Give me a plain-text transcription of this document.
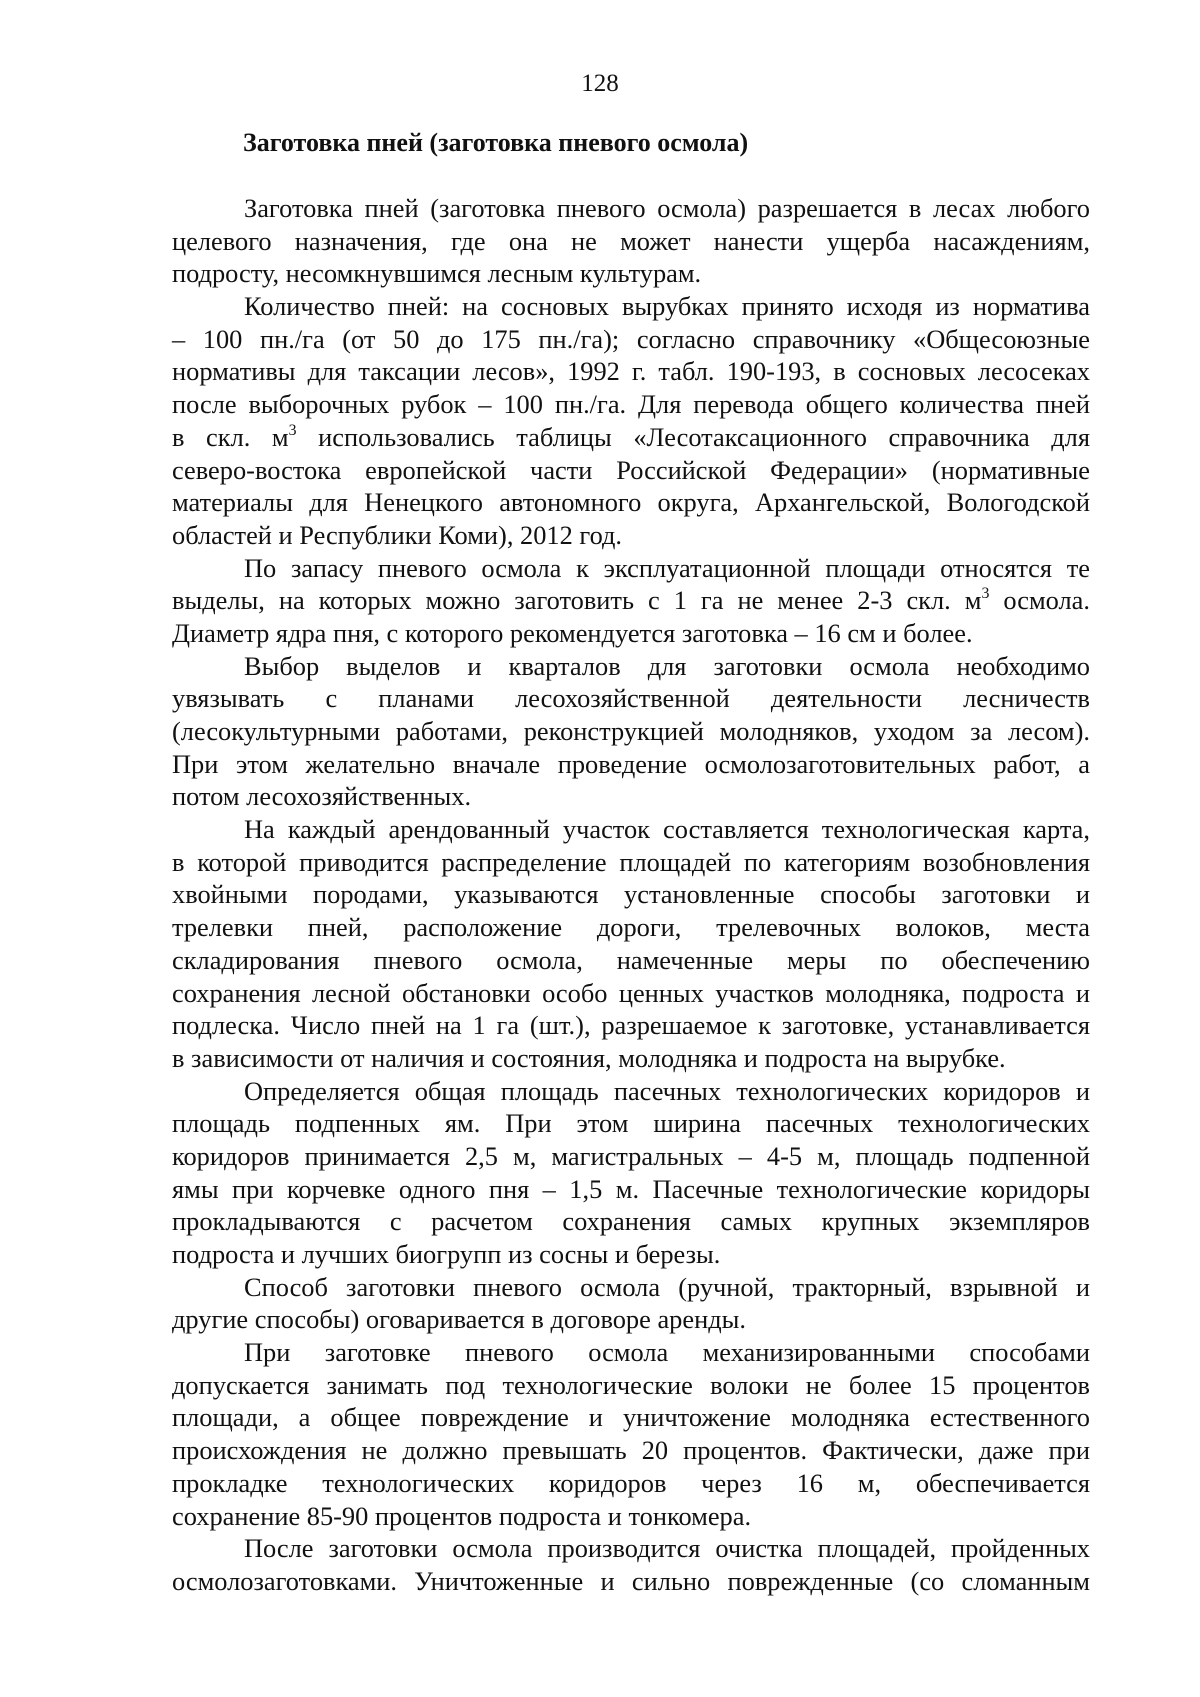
128
Заготовка пней (заготовка пневого осмола)
Заготовка пней (заготовка пневого осмола) разрешается в лесах любого
целевого назначения, где она не может нанести ущерба насаждениям,
подросту, несомкнувшимся лесным культурам.
Количество пней: на сосновых вырубках принято исходя из норматива
– 100 пн./га (от 50 до 175 пн./га); согласно справочнику «Общесоюзные
нормативы для таксации лесов», 1992 г. табл. 190-193, в сосновых лесосеках
после выборочных рубок – 100 пн./га. Для перевода общего количества пней
в скл. $м^3$ использовались таблицы «Лесотаксационного справочника для
северо-востока европейской части Российской Федерации» (нормативные
материалы для Ненецкого автономного округа, Архангельской, Вологодской
областей и Республики Коми), 2012 год.
По запасу пневого осмола к эксплуатационной площади относятся те
выделы, на которых можно заготовить с 1 га не менее 2-3 скл. $м^3$ осмола.
Диаметр ядра пня, с которого рекомендуется заготовка – 16 см и более.
Выбор выделов и кварталов для заготовки осмола необходимо
увязывать с планами лесохозяйственной деятельности лесничеств
(лесокультурными работами, реконструкцией молодняков, уходом за лесом).
При этом желательно вначале проведение осмолозаготовительных работ, а
потом лесохозяйственных.
На каждый арендованный участок составляется технологическая карта,
в которой приводится распределение площадей по категориям возобновления
хвойными породами, указываются установленные способы заготовки и
трелевки пней, расположение дороги, трелевочных волоков, места
складирования пневого осмола, намеченные меры по обеспечению
сохранения лесной обстановки особо ценных участков молодняка, подроста и
подлеска. Число пней на 1 га (шт.), разрешаемое к заготовке, устанавливается
в зависимости от наличия и состояния, молодняка и подроста на вырубке.
Определяется общая площадь пасечных технологических коридоров и
площадь подпенных ям. При этом ширина пасечных технологических
коридоров принимается 2,5 м, магистральных – 4-5 м, площадь подпенной
ямы при корчевке одного пня – 1,5 м. Пасечные технологические коридоры
прокладываются с расчетом сохранения самых крупных экземпляров
подроста и лучших биогрупп из сосны и березы.
Способ заготовки пневого осмола (ручной, тракторный, взрывной и
другие способы) оговаривается в договоре аренды.
При заготовке пневого осмола механизированными способами
допускается занимать под технологические волоки не более 15 процентов
площади, а общее повреждение и уничтожение молодняка естественного
происхождения не должно превышать 20 процентов. Фактически, даже при
прокладке технологических коридоров через 16 м, обеспечивается
сохранение 85-90 процентов подроста и тонкомера.
После заготовки осмола производится очистка площадей, пройденных
осмолозаготовками. Уничтоженные и сильно поврежденные (со сломанным
